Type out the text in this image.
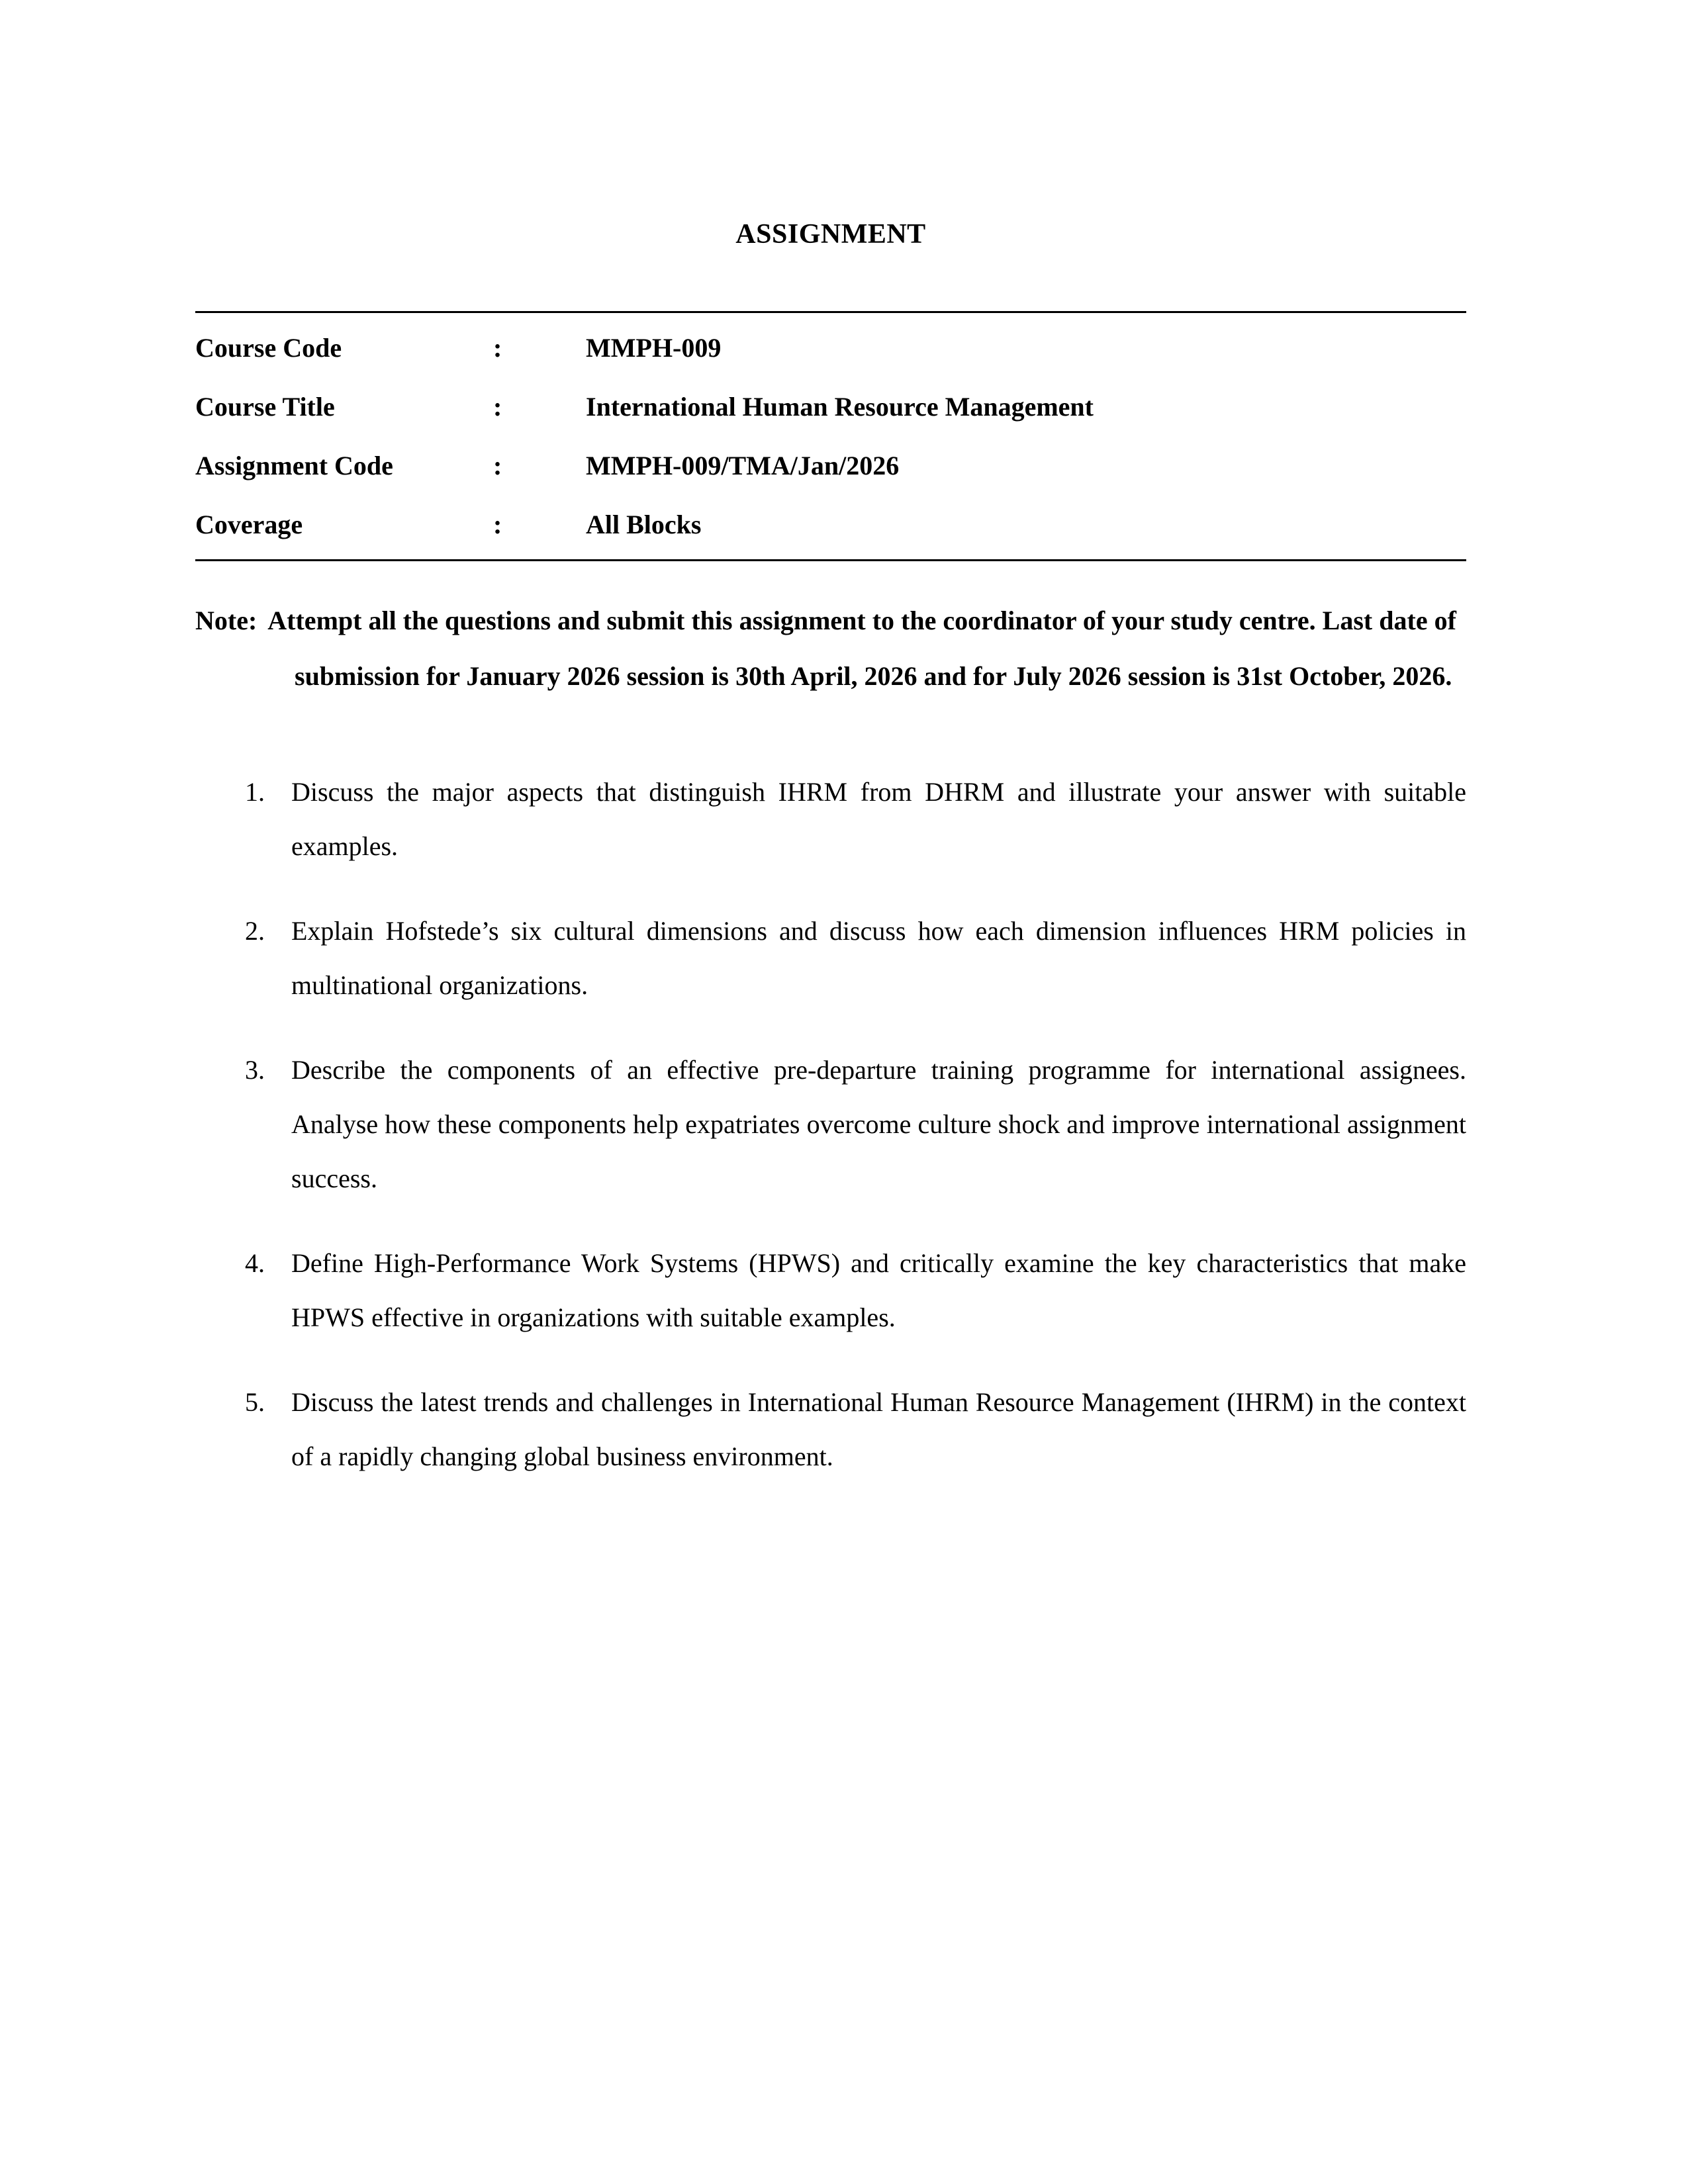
ASSIGNMENT
Course Code	:	MMPH-009
Course Title	:	International Human Resource Management
Assignment Code	:	MMPH-009/TMA/Jan/2026
Coverage	:	All Blocks

Note: Attempt all the questions and submit this assignment to the coordinator of your study centre. Last date of submission for January 2026 session is 30th April, 2026 and for July 2026 session is 31st October, 2026.

1. Discuss the major aspects that distinguish IHRM from DHRM and illustrate your answer with suitable examples.
2. Explain Hofstede’s six cultural dimensions and discuss how each dimension influences HRM policies in multinational organizations.
3. Describe the components of an effective pre-departure training programme for international assignees. Analyse how these components help expatriates overcome culture shock and improve international assignment success.
4. Define High-Performance Work Systems (HPWS) and critically examine the key characteristics that make HPWS effective in organizations with suitable examples.
5. Discuss the latest trends and challenges in International Human Resource Management (IHRM) in the context of a rapidly changing global business environment.
